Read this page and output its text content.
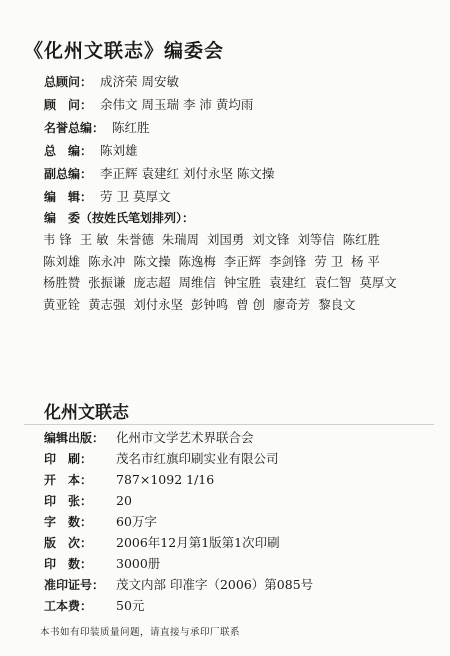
《化州文联志》编委会
总顾问： 成济荣 周安敏
顾　问： 余伟文 周玉瑞 李 沛 黄均雨
名誉总编： 陈红胜
总　编： 陈刘雄
副总编： 李正辉 袁建红 刘付永坚 陈文操
编　辑： 劳 卫 莫厚文
编　委（按姓氏笔划排列）：
韦 锋 王 敏 朱誉德 朱瑞周 刘国勇 刘文锋 刘等信 陈红胜
陈刘雄 陈永冲 陈文操 陈逸梅 李正辉 李剑锋 劳 卫 杨 平
杨胜赞 张振谦 庞志超 周维信 钟宝胜 袁建红 袁仁智 莫厚文
黄亚铨 黄志强 刘付永坚 彭钟鸣 曾 创 廖奇芳 黎良文
化州文联志
编辑出版： 化州市文学艺术界联合会
印　刷： 茂名市红旗印刷实业有限公司
开　本： 787×1092 1/16
印　张： 20
字　数： 60万字
版　次： 2006年12月第1版第1次印刷
印　数： 3000册
准印证号： 茂文内部 印准字（2006）第085号
工本费： 50元
本书如有印装质量问题，请直接与承印厂联系
